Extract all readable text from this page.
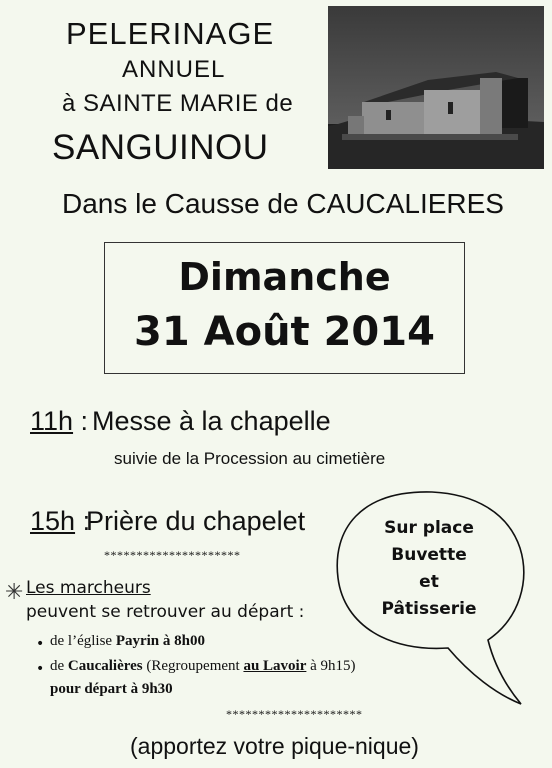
PELERINAGE
ANNUEL
à SAINTE MARIE de
SANGUINOU
Dans le Causse de CAUCALIERES
Dimanche
31 Août 2014
11h : Messe à la chapelle
suivie de la Procession au cimetière
15h :
Prière du chapelet
*********************
✳ Les marcheurs
peuvent se retrouver au départ :
• de l’église Payrin à 8h00
• de Caucalières (Regroupement au Lavoir à 9h15)
pour départ à 9h30
*********************
(apportez votre pique-nique)
Sur place
Buvette
et
Pâtisserie
